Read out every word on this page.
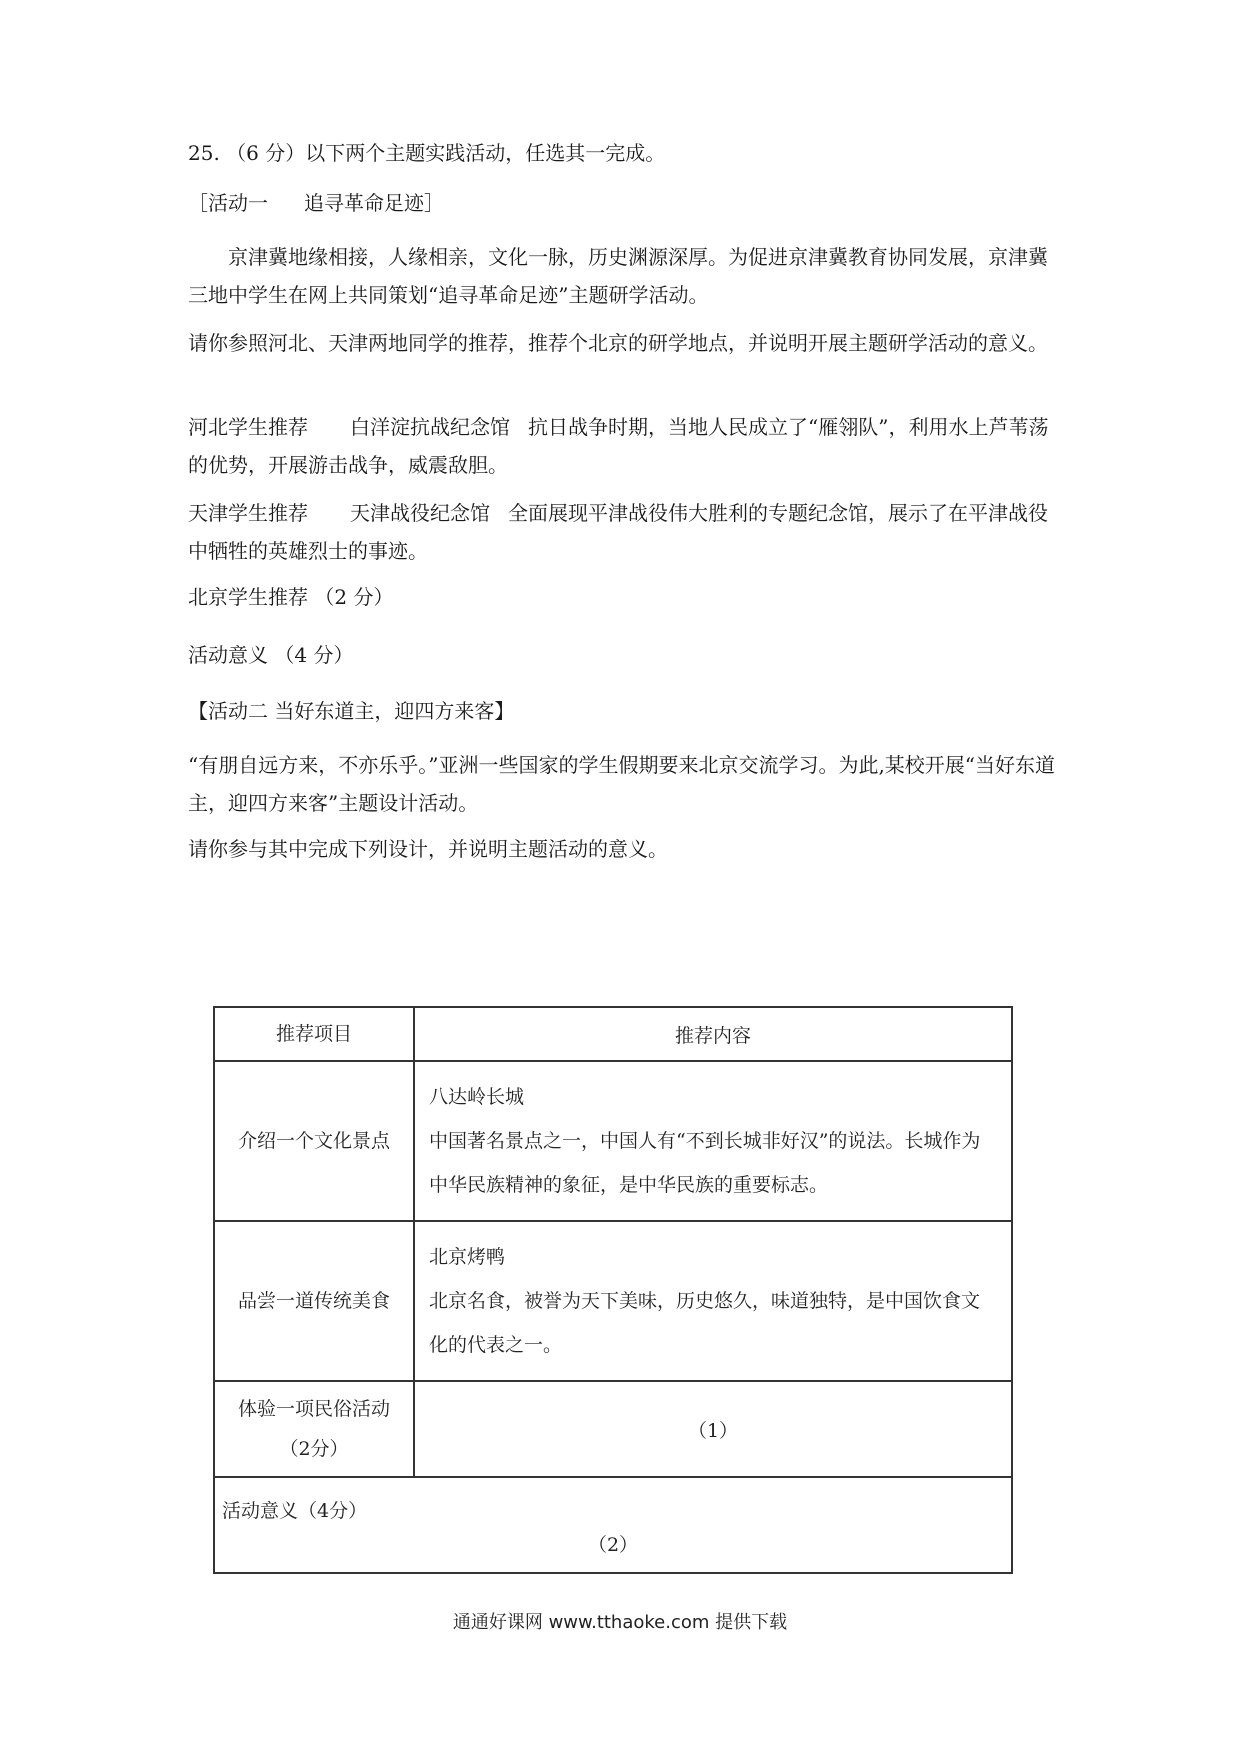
25. （6 分）以下两个主题实践活动，任选其一完成。

［活动一 追寻革命足迹］

京津冀地缘相接，人缘相亲，文化一脉，历史渊源深厚。为促进京津冀教育协同发展，京津冀三地中学生在网上共同策划“追寻革命足迹”主题研学活动。

请你参照河北、天津两地同学的推荐，推荐个北京的研学地点，并说明开展主题研学活动的意义。

河北学生推荐 白洋淀抗战纪念馆 抗日战争时期，当地人民成立了“雁翎队”，利用水上芦苇荡的优势，开展游击战争，威震敌胆。

天津学生推荐 天津战役纪念馆 全面展现平津战役伟大胜利的专题纪念馆，展示了在平津战役中牺牲的英雄烈士的事迹。

北京学生推荐 （2 分）

活动意义 （4 分）

【活动二 当好东道主，迎四方来客】

“有朋自远方来，不亦乐乎。”亚洲一些国家的学生假期要来北京交流学习。为此,某校开展“当好东道主，迎四方来客”主题设计活动。

请你参与其中完成下列设计，并说明主题活动的意义。

推荐项目	推荐内容
介绍一个文化景点	八达岭长城
中国著名景点之一，中国人有“不到长城非好汉”的说法。长城作为中华民族精神的象征，是中华民族的重要标志。

品尝一道传统美食	北京烤鸭
北京名食，被誉为天下美味，历史悠久，味道独特，是中国饮食文化的代表之一。

体验一项民俗活动
（2分）	（1）

活动意义（4分）
（2）	
通通好课网 www.tthaoke.com 提供下载
